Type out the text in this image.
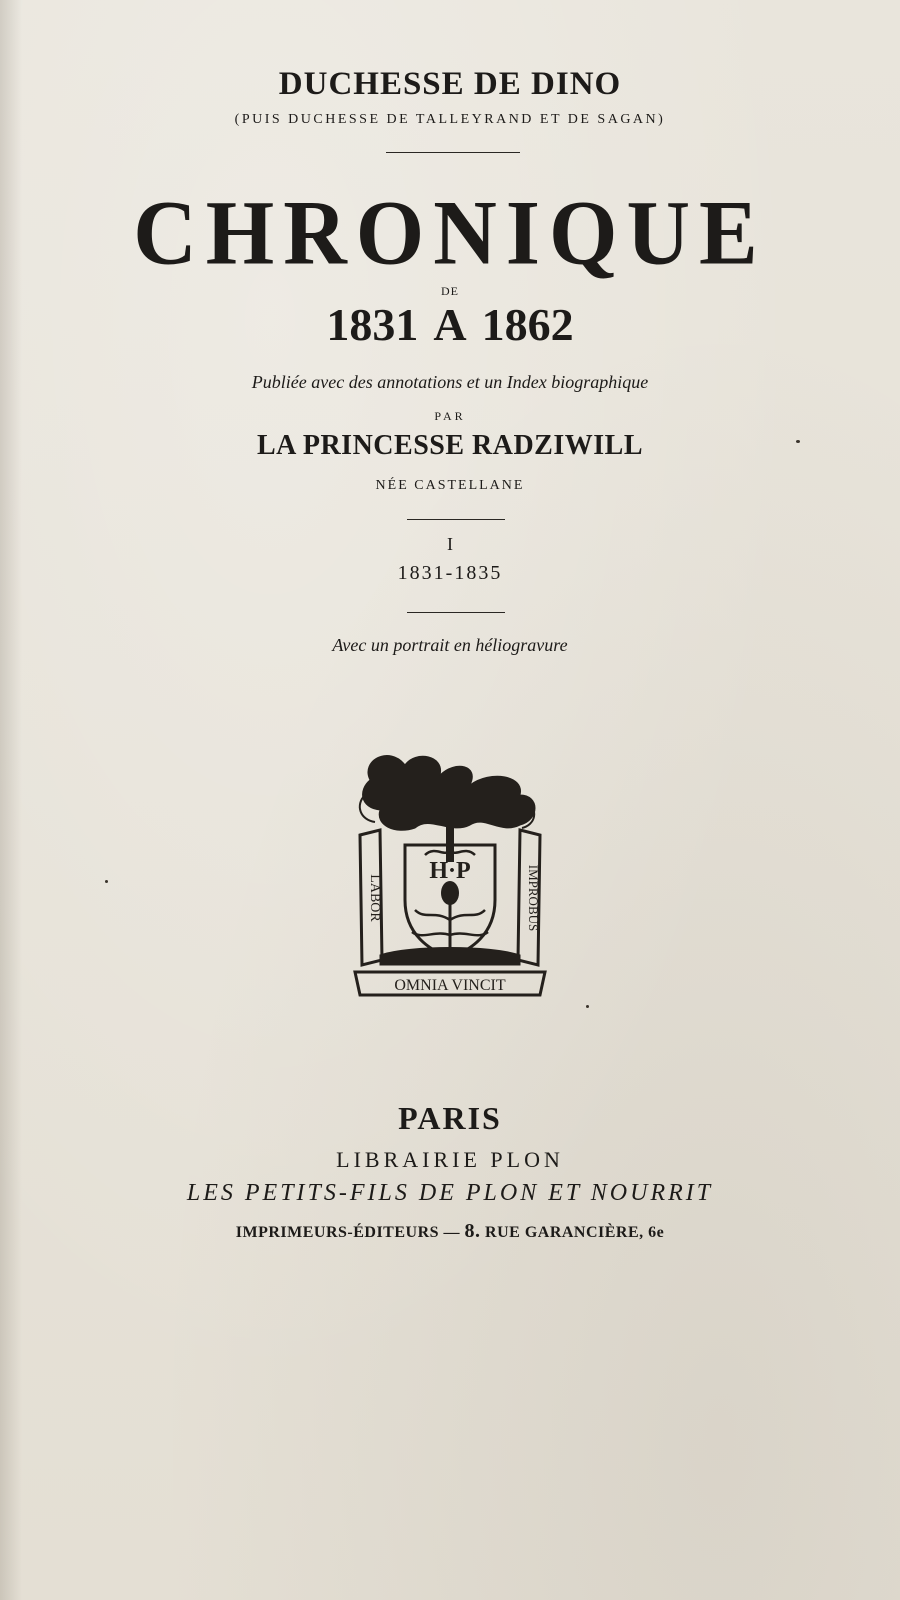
DUCHESSE DE DINO
(PUIS DUCHESSE DE TALLEYRAND ET DE SAGAN)
CHRONIQUE
DE
1831 A 1862
Publiée avec des annotations et un Index biographique
PAR
LA PRINCESSE RADZIWILL
NÉE CASTELLANE
I
1831-1835
Avec un portrait en héliogravure
H·P
LABOR	IMPROBUS
OMNIA VINCIT
PARIS
LIBRAIRIE PLON
LES PETITS-FILS DE PLON ET NOURRIT
IMPRIMEURS-ÉDITEURS — 8. RUE GARANCIÈRE, 6e
